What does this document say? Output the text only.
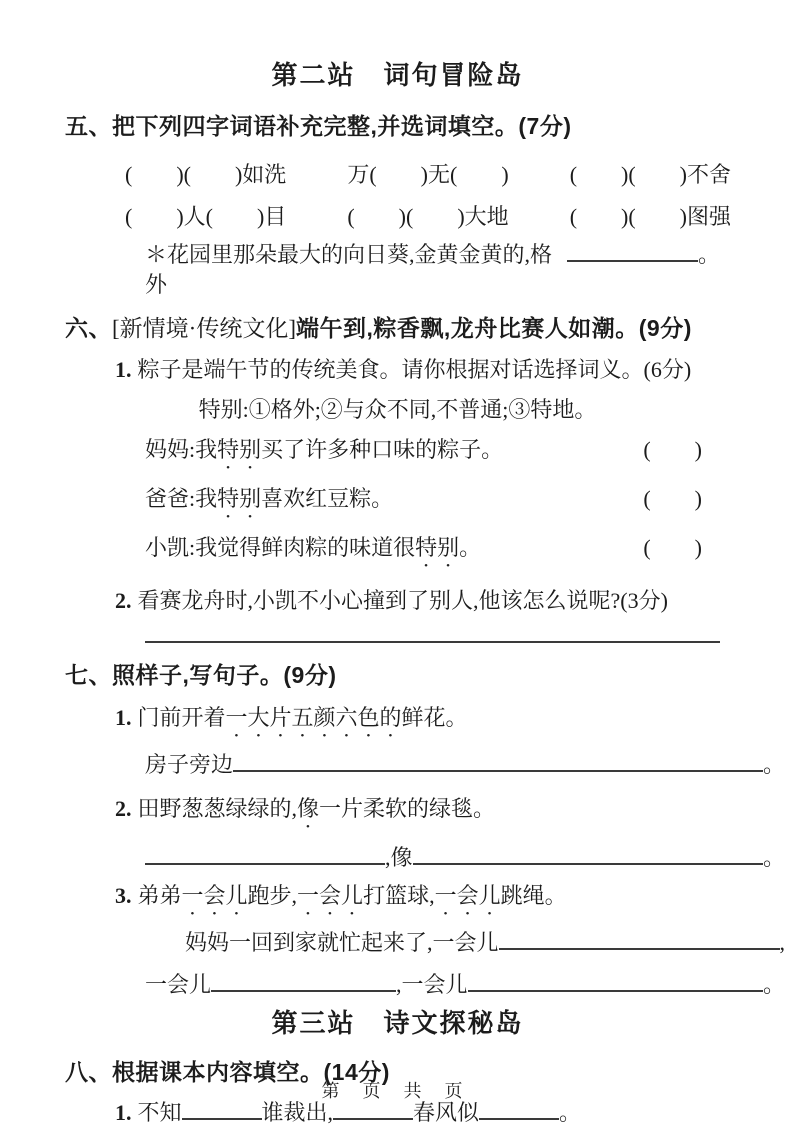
第二站　词句冒险岛
五、把下列四字词语补充完整,并选词填空。(7分)
(　　)(　　)如洗	万(　　)无(　　)	(　　)(　　)不舍
(　　)人(　　)目	(　　)(　　)大地	(　　)(　　)图强
＊花园里那朵最大的向日葵,金黄金黄的,格外
。
六、[新情境·传统文化]端午到,粽香飘,龙舟比赛人如潮。(9分)
1. 粽子是端午节的传统美食。请你根据对话选择词义。(6分)
特别:①格外;②与众不同,不普通;③特地。
妈妈:我特别买了许多种口味的粽子。	(　　)
爸爸:我特别喜欢红豆粽。	(　　)
小凯:我觉得鲜肉粽的味道很特别。	(　　)
2. 看赛龙舟时,小凯不小心撞到了别人,他该怎么说呢?(3分)
七、照样子,写句子。(9分)
1. 门前开着一大片五颜六色的鲜花。
房子旁边	。
2. 田野葱葱绿绿的,像一片柔软的绿毯。
,像	。
3. 弟弟一会儿跑步,一会儿打篮球,一会儿跳绳。
妈妈一回到家就忙起来了,一会儿	,
一会儿	,一会儿	。
第三站　诗文探秘岛
八、根据课本内容填空。(14分)
1. 不知	谁裁出,	春风似	。
第 页 共 页
